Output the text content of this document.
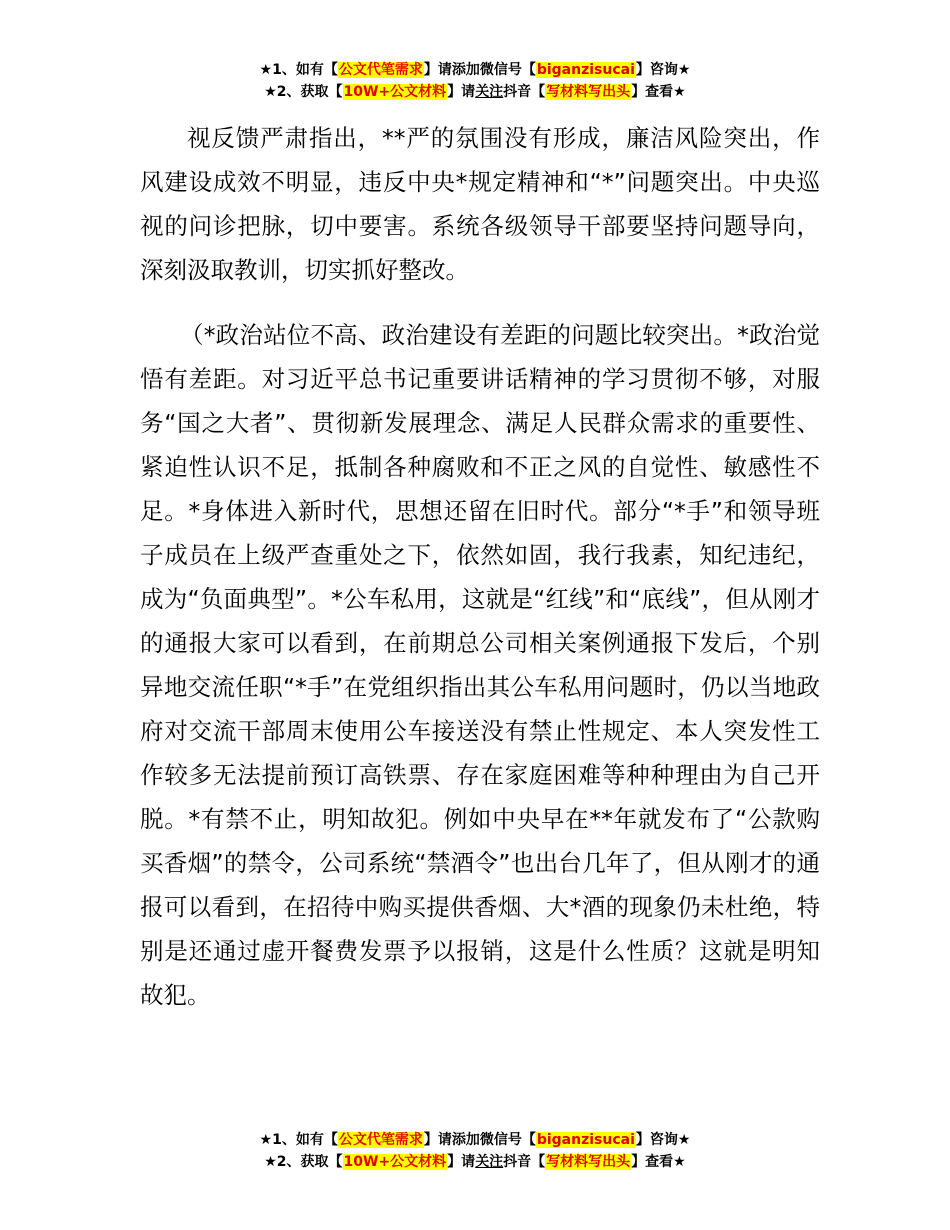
★1、如有【公文代笔需求】请添加微信号【biganzisucai】咨询★
★2、获取【10W+公文材料】请关注抖音【写材料写出头】查看★

视反馈严肃指出，**严的氛围没有形成，廉洁风险突出，作风建设成效不明显，违反中央*规定精神和“*”问题突出。中央巡视的问诊把脉，切中要害。系统各级领导干部要坚持问题导向，深刻汲取教训，切实抓好整改。

（*政治站位不高、政治建设有差距的问题比较突出。*政治觉悟有差距。对习近平总书记重要讲话精神的学习贯彻不够，对服务“国之大者”、贯彻新发展理念、满足人民群众需求的重要性、紧迫性认识不足，抵制各种腐败和不正之风的自觉性、敏感性不足。*身体进入新时代，思想还留在旧时代。部分“*手”和领导班子成员在上级严查重处之下，依然如固，我行我素，知纪违纪，成为“负面典型”。*公车私用，这就是“红线”和“底线”，但从刚才的通报大家可以看到，在前期总公司相关案例通报下发后，个别异地交流任职“*手”在党组织指出其公车私用问题时，仍以当地政府对交流干部周末使用公车接送没有禁止性规定、本人突发性工作较多无法提前预订高铁票、存在家庭困难等种种理由为自己开脱。*有禁不止，明知故犯。例如中央早在**年就发布了“公款购买香烟”的禁令，公司系统“禁酒令”也出台几年了，但从刚才的通报可以看到，在招待中购买提供香烟、大*酒的现象仍未杜绝，特别是还通过虚开餐费发票予以报销，这是什么性质？这就是明知故犯。

★1、如有【公文代笔需求】请添加微信号【biganzisucai】咨询★
★2、获取【10W+公文材料】请关注抖音【写材料写出头】查看★
